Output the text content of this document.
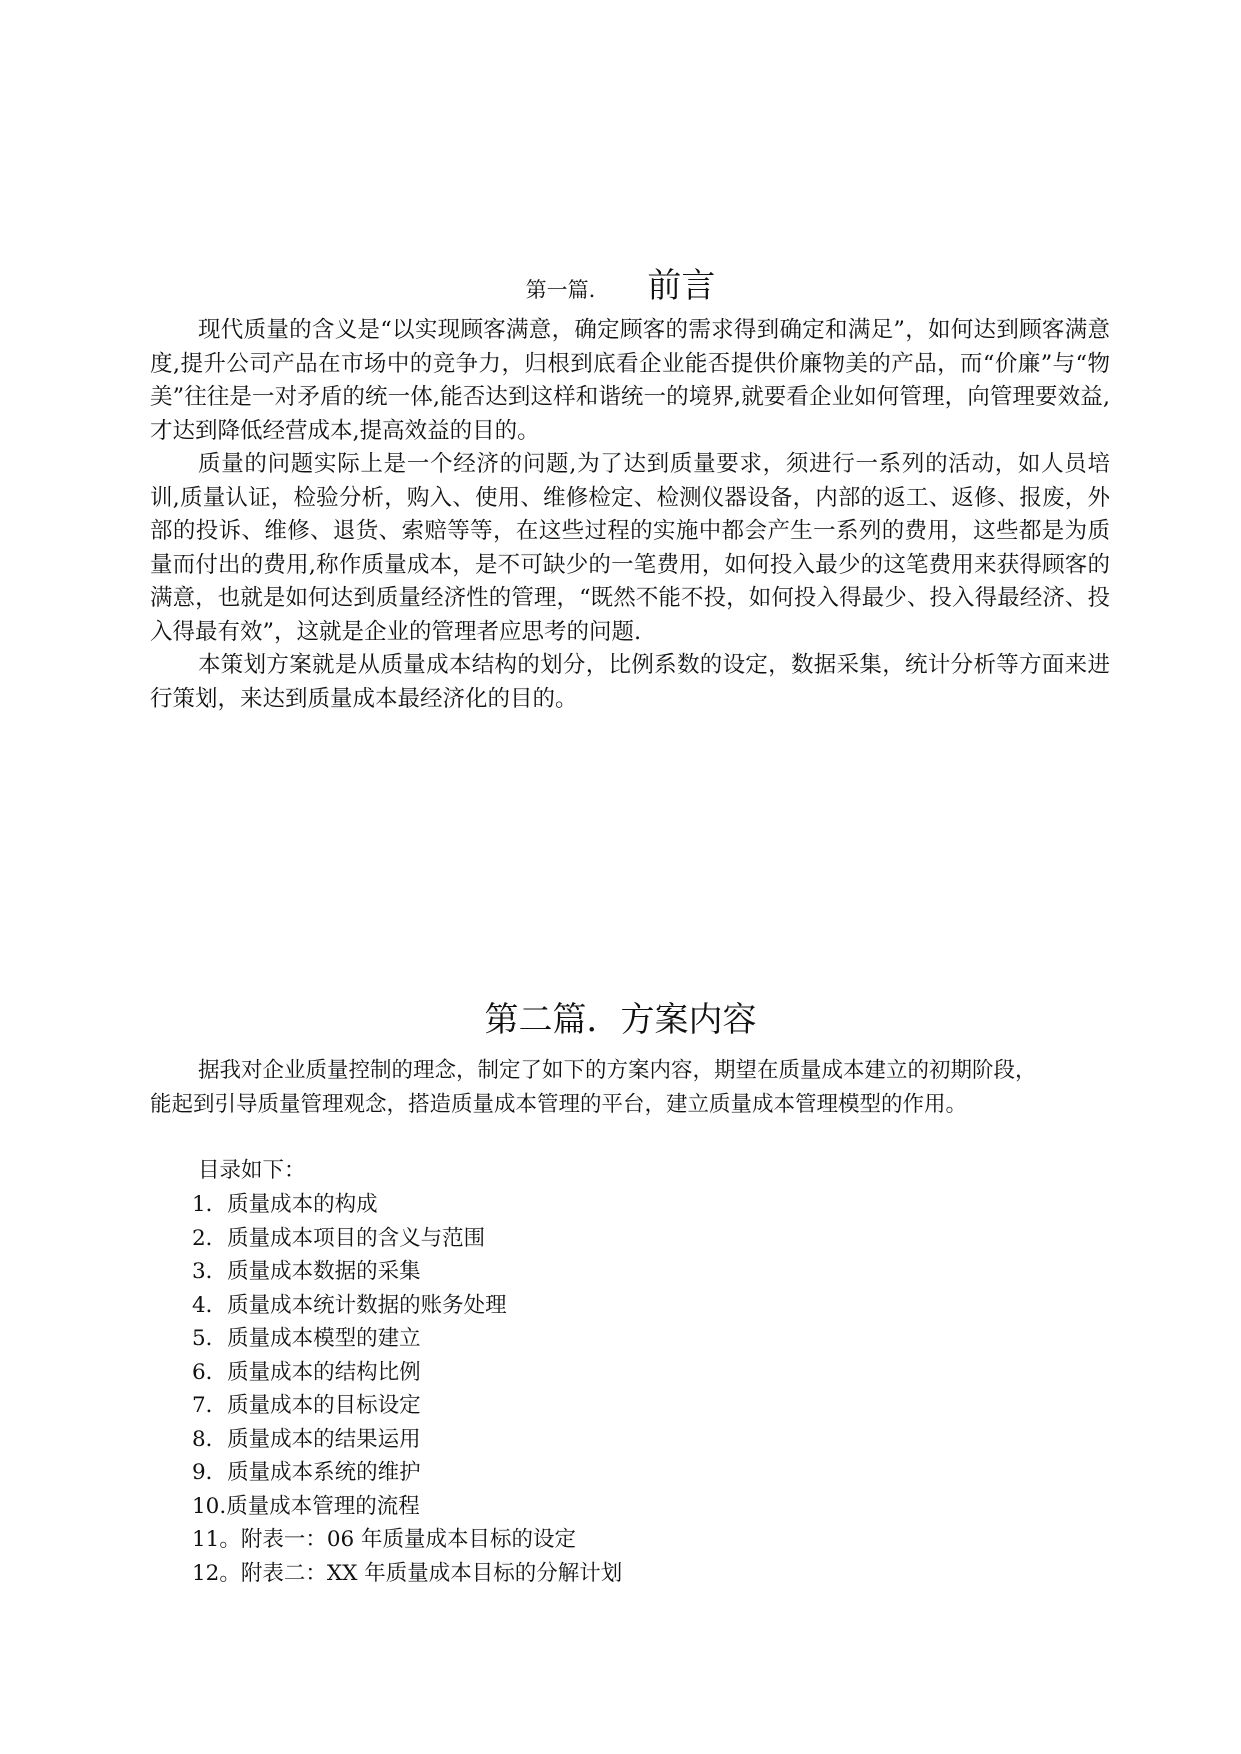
第一篇. 前言

现代质量的含义是“以实现顾客满意，确定顾客的需求得到确定和满足”，如何达到顾客满意度,提升公司产品在市场中的竞争力，归根到底看企业能否提供价廉物美的产品，而“价廉”与“物美”往往是一对矛盾的统一体,能否达到这样和谐统一的境界,就要看企业如何管理，向管理要效益,才达到降低经营成本,提高效益的目的。

质量的问题实际上是一个经济的问题,为了达到质量要求，须进行一系列的活动，如人员培训,质量认证，检验分析，购入、使用、维修检定、检测仪器设备，内部的返工、返修、报废，外部的投诉、维修、退货、索赔等等，在这些过程的实施中都会产生一系列的费用，这些都是为质量而付出的费用,称作质量成本，是不可缺少的一笔费用，如何投入最少的这笔费用来获得顾客的满意，也就是如何达到质量经济性的管理，“既然不能不投，如何投入得最少、投入得最经济、投入得最有效”，这就是企业的管理者应思考的问题.

本策划方案就是从质量成本结构的划分，比例系数的设定，数据采集，统计分析等方面来进行策划，来达到质量成本最经济化的目的。

第二篇．方案内容

据我对企业质量控制的理念，制定了如下的方案内容，期望在质量成本建立的初期阶段，能起到引导质量管理观念，搭造质量成本管理的平台，建立质量成本管理模型的作用。

目录如下：
1．质量成本的构成
2．质量成本项目的含义与范围
3．质量成本数据的采集
4．质量成本统计数据的账务处理
5．质量成本模型的建立
6．质量成本的结构比例
7．质量成本的目标设定
8．质量成本的结果运用
9．质量成本系统的维护
10.质量成本管理的流程
11。附表一：06 年质量成本目标的设定
12。附表二：XX 年质量成本目标的分解计划
